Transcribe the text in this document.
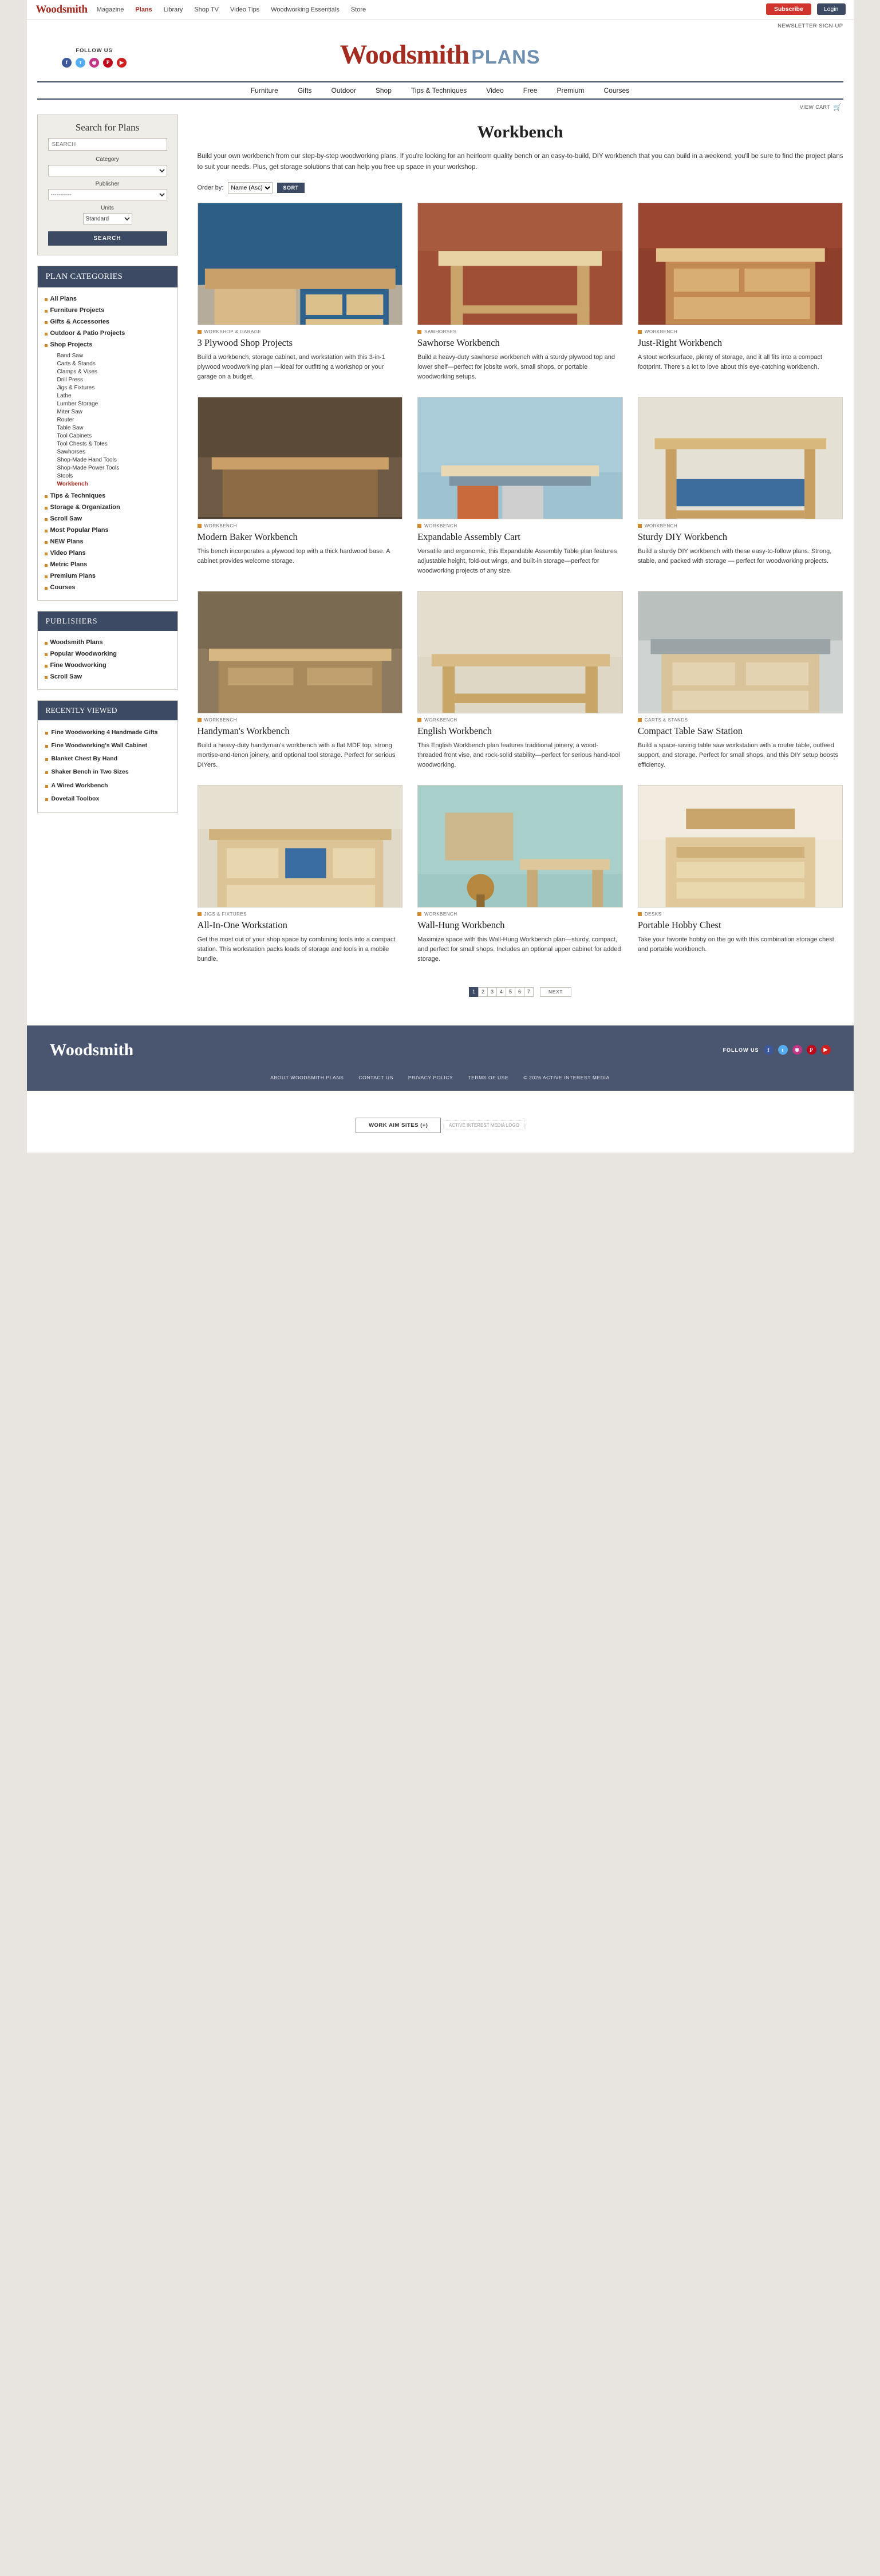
Woodsmith	Magazine Plans Library Shop TV Video Tips Woodworking Essentials Store	Subscribe	Login
NEWSLETTER SIGN-UP
FOLLOW US
f	t	◉	P	▶	Woodsmith PLANS
Furniture	Gifts	Outdoor	Shop	Tips & Techniques	Video	Free	Premium	Courses
VIEW CART 🛒
Search for Plans
SEARCH
Category
Publisher
-----------
Units
Standard
SEARCH
PLAN CATEGORIES
All Plans
Furniture Projects
Gifts & Accessories
Outdoor & Patio Projects
Shop Projects
Band Saw
Carts & Stands
Clamps & Vises
Drill Press
Jigs & Fixtures
Lathe
Lumber Storage
Miter Saw
Router
Table Saw
Tool Cabinets
Tool Chests & Totes
Sawhorses
Shop-Made Hand Tools
Shop-Made Power Tools
Stools
Workbench
Tips & Techniques
Storage & Organization
Scroll Saw
Most Popular Plans
NEW Plans
Video Plans
Metric Plans
Premium Plans
Courses
PUBLISHERS
Woodsmith Plans
Popular Woodworking
Fine Woodworking
Scroll Saw
RECENTLY VIEWED
Fine Woodworking 4 Handmade Gifts
Fine Woodworking's Wall Cabinet
Blanket Chest By Hand
Shaker Bench in Two Sizes
A Wired Workbench
Dovetail Toolbox
Workbench

Build your own workbench from our step-by-step woodworking plans. If you're looking for an heirloom quality bench or an easy-to-build, DIY workbench that you can build in a weekend, you'll be sure to find the project plans to suit your needs. Plus, get storage solutions that can help you free up space in your workshop.

Order by:
Name (Asc)	SORT
WORKSHOP & GARAGE
3 Plywood Shop Projects
Build a workbench, storage cabinet, and workstation with this 3-in-1 plywood woodworking plan —ideal for outfitting a workshop or your garage on a budget.
SAWHORSES
Sawhorse Workbench
Build a heavy-duty sawhorse workbench with a sturdy plywood top and lower shelf—perfect for jobsite work, small shops, or portable woodworking setups.
WORKBENCH
Just-Right Workbench
A stout worksurface, plenty of storage, and it all fits into a compact footprint. There's a lot to love about this eye-catching workbench.
WORKBENCH
Modern Baker Workbench
This bench incorporates a plywood top with a thick hardwood base. A cabinet provides welcome storage.
WORKBENCH
Expandable Assembly Cart
Versatile and ergonomic, this Expandable Assembly Table plan features adjustable height, fold-out wings, and built-in storage—perfect for woodworking projects of any size.
WORKBENCH
Sturdy DIY Workbench
Build a sturdy DIY workbench with these easy-to-follow plans. Strong, stable, and packed with storage — perfect for woodworking projects.
WORKBENCH
Handyman's Workbench
Build a heavy-duty handyman's workbench with a flat MDF top, strong mortise-and-tenon joinery, and optional tool storage. Perfect for serious DIYers.
WORKBENCH
English Workbench
This English Workbench plan features traditional joinery, a wood-threaded front vise, and rock-solid stability—perfect for serious hand-tool woodworking.
CARTS & STANDS
Compact Table Saw Station
Build a space-saving table saw workstation with a router table, outfeed support, and storage. Perfect for small shops, and this DIY setup boosts efficiency.
JIGS & FIXTURES
All-In-One Workstation
Get the most out of your shop space by combining tools into a compact station. This workstation packs loads of storage and tools in a mobile bundle.
WORKBENCH
Wall-Hung Workbench
Maximize space with this Wall-Hung Workbench plan—sturdy, compact, and perfect for small shops. Includes an optional upper cabinet for added storage.
DESKS
Portable Hobby Chest
Take your favorite hobby on the go with this combination storage chest and portable workbench.
1	2	3	4	5	6	7	NEXT
Woodsmith	FOLLOW US	f	t	◉	P	▶
ABOUT WOODSMITH PLANS	CONTACT US	PRIVACY POLICY	TERMS OF USE	© 2026 ACTIVE INTEREST MEDIA
WORK AIM SITES (+)	ACTIVE INTEREST MEDIA LOGO
